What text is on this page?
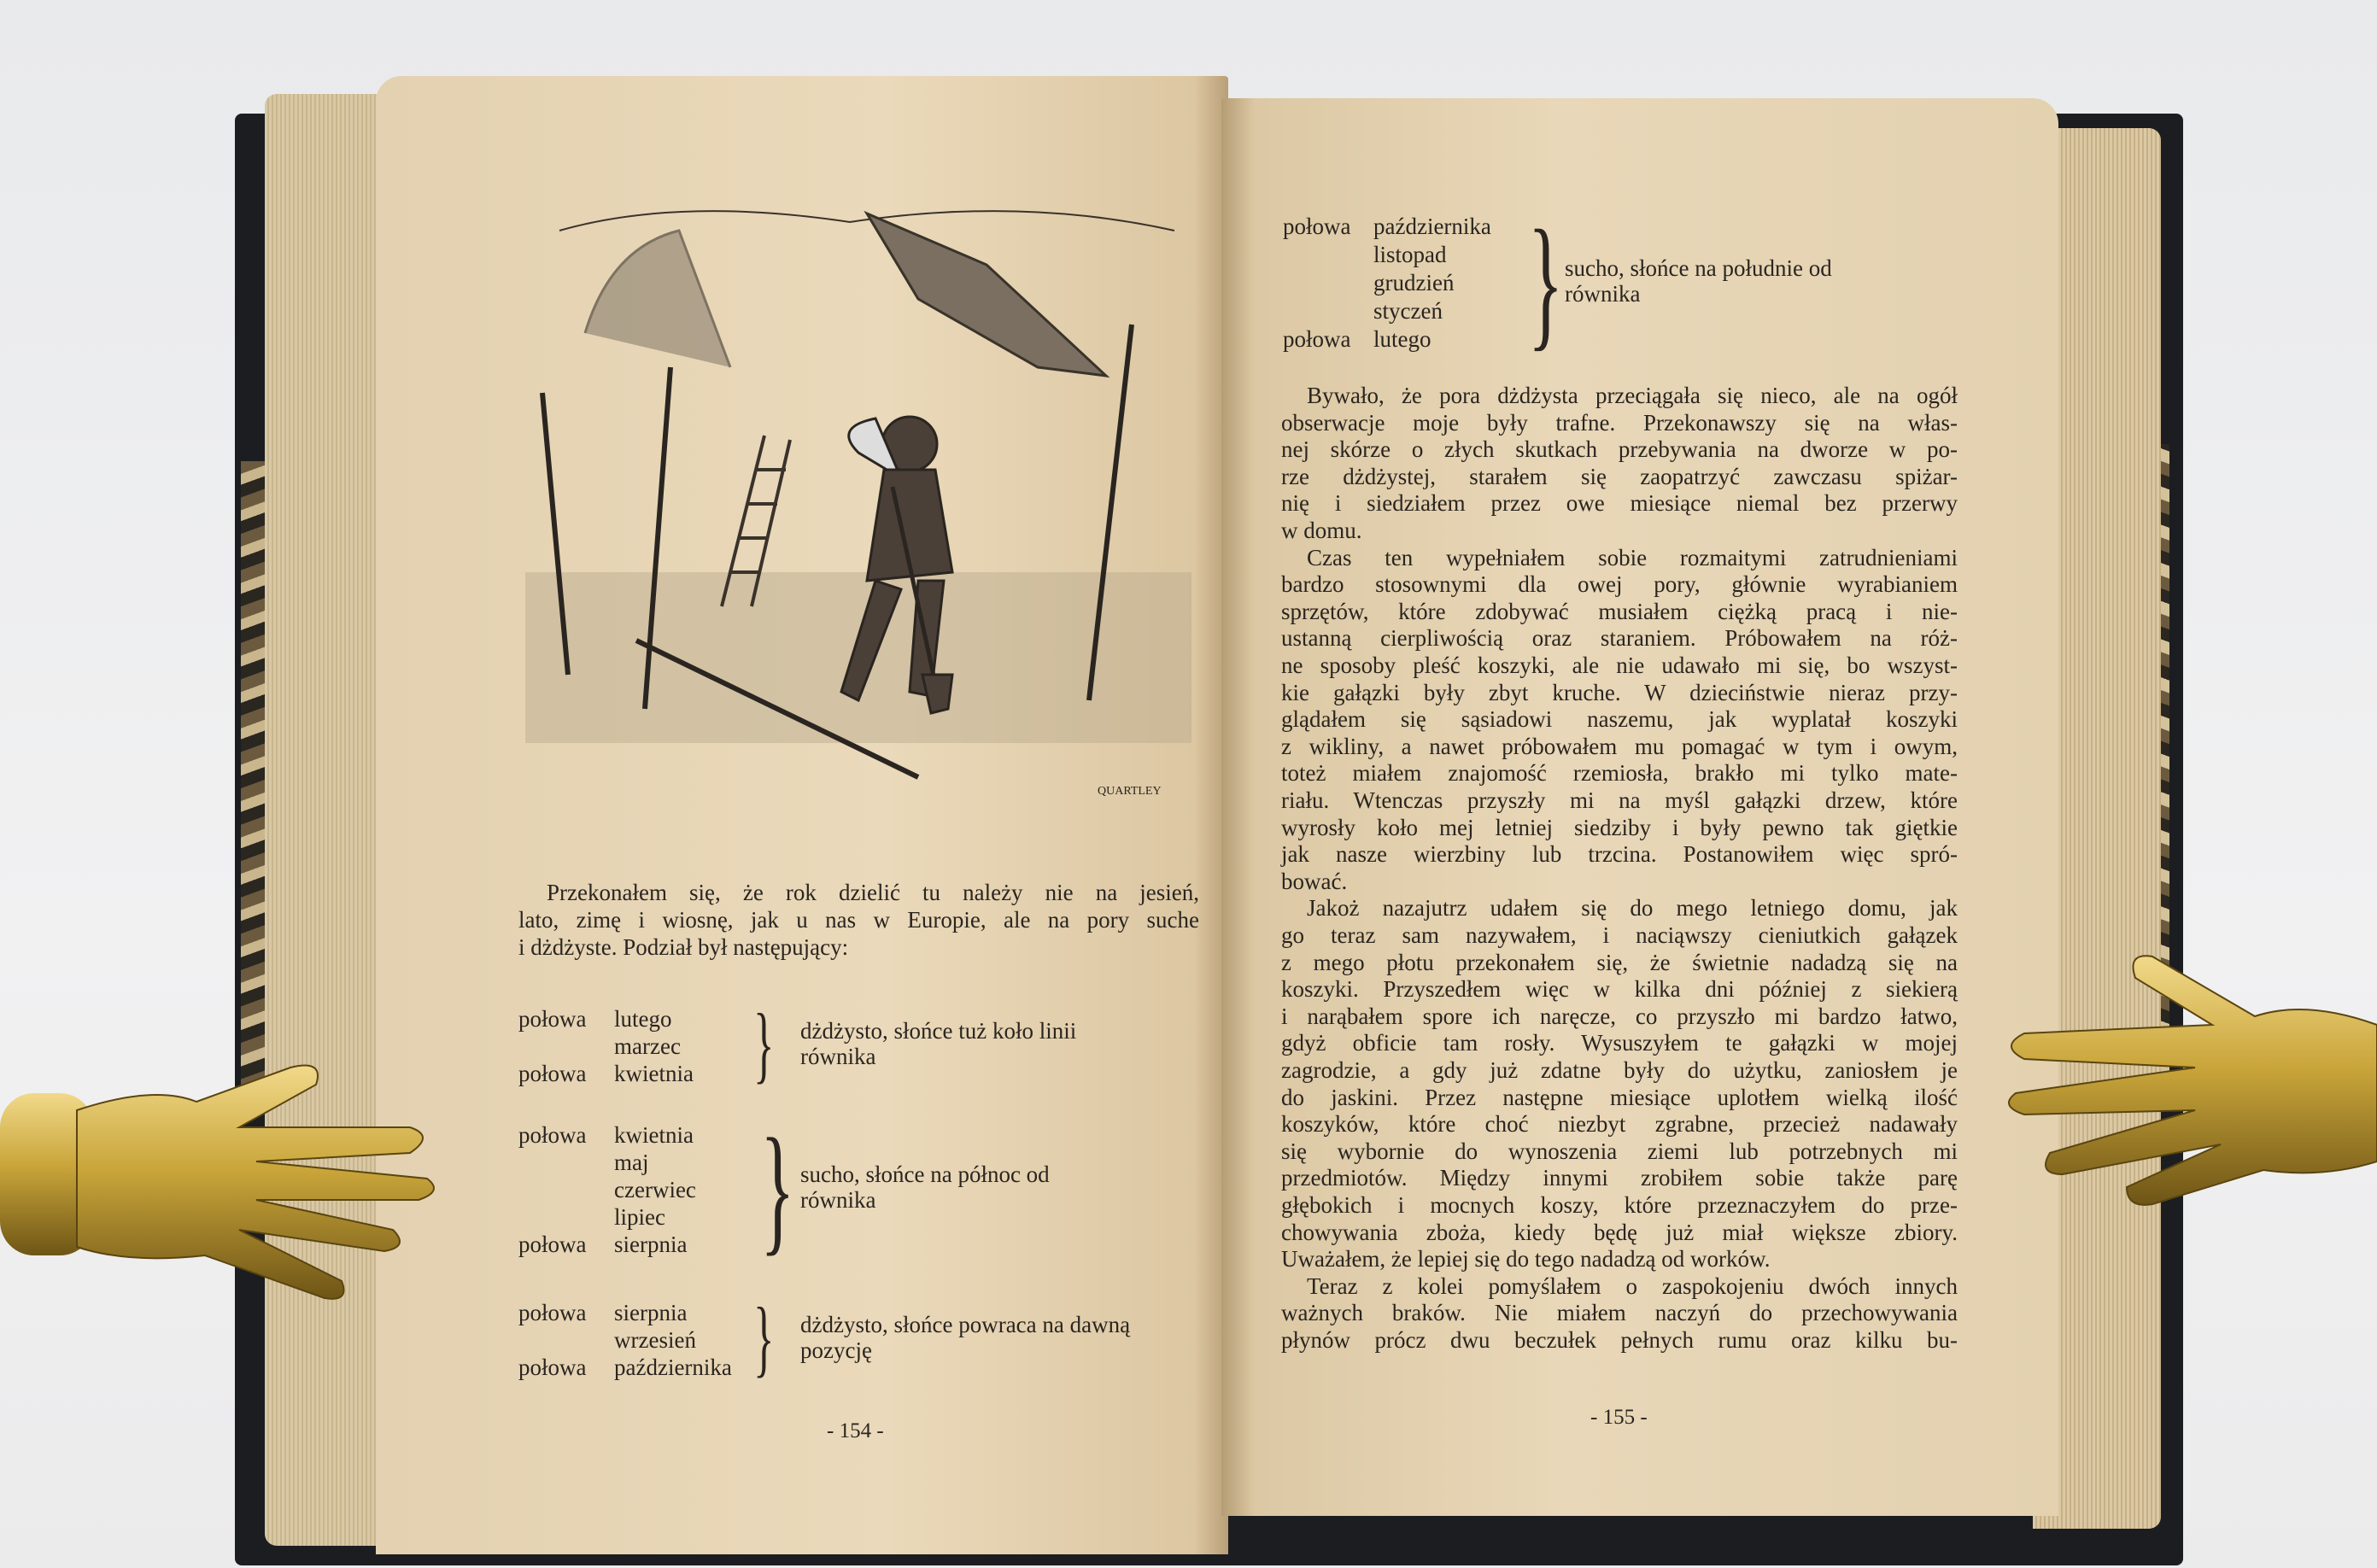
QUARTLEY
Przekonałem się, że rok dzielić tu należy nie na jesień,
lato, zimę i wiosnę, jak u nas w Europie, ale na pory suche
i dżdżyste. Podział był następujący:
połowa lutego
marzec
połowa kwietnia } dżdżysto, słońce tuż koło linii
równika
połowa kwietnia
maj
czerwiec
lipiec
połowa sierpnia } sucho, słońce na północ od
równika
połowa sierpnia
wrzesień
połowa października } dżdżysto, słońce powraca na dawną
pozycję
- 154 -
połowa października
listopad
grudzień
styczeń
połowa lutego } sucho, słońce na południe od
równika
Bywało, że pora dżdżysta przeciągała się nieco, ale na ogół
obserwacje moje były trafne. Przekonawszy się na włas-
nej skórze o złych skutkach przebywania na dworze w po-
rze dżdżystej, starałem się zaopatrzyć zawczasu spiżar-
nię i siedziałem przez owe miesiące niemal bez przerwy
w domu.
Czas ten wypełniałem sobie rozmaitymi zatrudnieniami
bardzo stosownymi dla owej pory, głównie wyrabianiem
sprzętów, które zdobywać musiałem ciężką pracą i nie-
ustanną cierpliwością oraz staraniem. Próbowałem na róż-
ne sposoby pleść koszyki, ale nie udawało mi się, bo wszyst-
kie gałązki były zbyt kruche. W dzieciństwie nieraz przy-
glądałem się sąsiadowi naszemu, jak wyplatał koszyki
z wikliny, a nawet próbowałem mu pomagać w tym i owym,
toteż miałem znajomość rzemiosła, brakło mi tylko mate-
riału. Wtenczas przyszły mi na myśl gałązki drzew, które
wyrosły koło mej letniej siedziby i były pewno tak giętkie
jak nasze wierzbiny lub trzcina. Postanowiłem więc spró-
bować.
Jakoż nazajutrz udałem się do mego letniego domu, jak
go teraz sam nazywałem, i naciąwszy cieniutkich gałązek
z mego płotu przekonałem się, że świetnie nadadzą się na
koszyki. Przyszedłem więc w kilka dni później z siekierą
i narąbałem spore ich naręcze, co przyszło mi bardzo łatwo,
gdyż obficie tam rosły. Wysuszyłem te gałązki w mojej
zagrodzie, a gdy już zdatne były do użytku, zaniosłem je
do jaskini. Przez następne miesiące uplotłem wielką ilość
koszyków, które choć niezbyt zgrabne, przecież nadawały
się wybornie do wynoszenia ziemi lub potrzebnych mi
przedmiotów. Między innymi zrobiłem sobie także parę
głębokich i mocnych koszy, które przeznaczyłem do prze-
chowywania zboża, kiedy będę już miał większe zbiory.
Uważałem, że lepiej się do tego nadadzą od worków.
Teraz z kolei pomyślałem o zaspokojeniu dwóch innych
ważnych braków. Nie miałem naczyń do przechowywania
płynów prócz dwu beczułek pełnych rumu oraz kilku bu-
- 155 -
